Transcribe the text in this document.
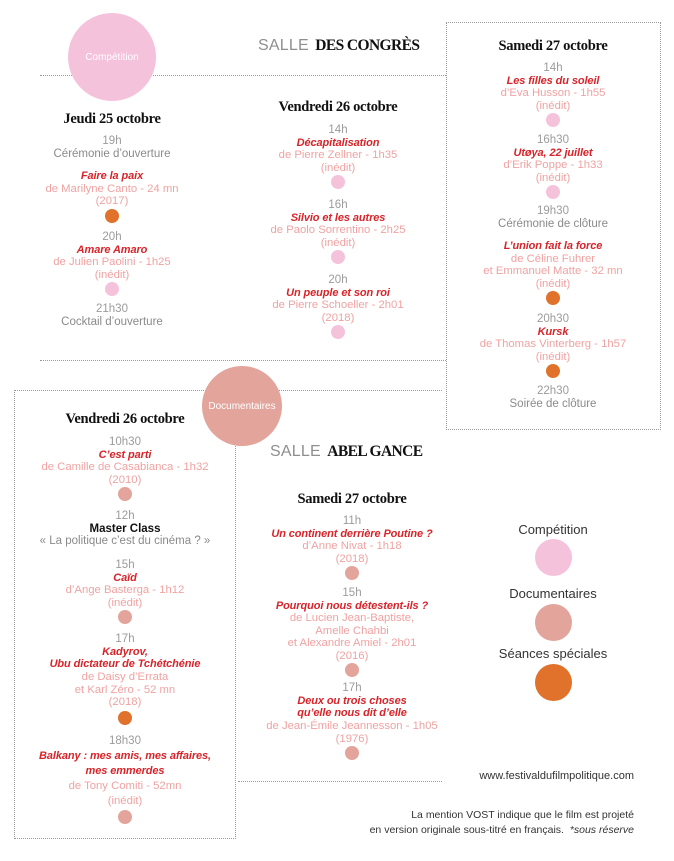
Compétition
Documentaires
SALLE DES CONGRÈS
SALLE ABEL GANCE
Jeudi 25 octobre
19h
Cérémonie d’ouverture
Faire la paix
de Marilyne Canto - 24 mn
(2017)
20h
Amare Amaro
de Julien Paolini - 1h25
(inédit)
21h30
Cocktail d’ouverture
Vendredi 26 octobre
14h
Décapitalisation
de Pierre Zellner - 1h35
(inédit)
16h
Silvio et les autres
de Paolo Sorrentino - 2h25
(inédit)
20h
Un peuple et son roi
de Pierre Schoeller - 2h01
(2018)
Samedi 27 octobre
14h
Les filles du soleil
d’Eva Husson - 1h55
(inédit)
16h30
Utøya, 22 juillet
d’Erik Poppe - 1h33
(inédit)
19h30
Cérémonie de clôture
L’union fait la force
de Céline Fuhrer
et Emmanuel Matte - 32 mn
(inédit)
20h30
Kursk
de Thomas Vinterberg - 1h57
(inédit)
22h30
Soirée de clôture
Vendredi 26 octobre
10h30
C’est parti
de Camille de Casabianca - 1h32
(2010)
12h
Master Class
« La politique c’est du cinéma ? »
15h
Caïd
d’Ange Basterga - 1h12
(inédit)
17h
Kadyrov,
Ubu dictateur de Tchétchénie
de Daisy d’Errata
et Karl Zéro - 52 mn
(2018)
18h30
Balkany : mes amis, mes affaires,
mes emmerdes
de Tony Comiti - 52mn
(inédit)
Samedi 27 octobre
11h
Un continent derrière Poutine ?
d’Anne Nivat - 1h18
(2018)
15h
Pourquoi nous détestent-ils ?
de Lucien Jean-Baptiste,
Amelle Chahbi
et Alexandre Amiel - 2h01
(2016)
17h
Deux ou trois choses
qu’elle nous dit d’elle
de Jean-Émile Jeannesson - 1h05
(1976)
Compétition
Documentaires
Séances spéciales
www.festivaldufilmpolitique.com
La mention VOST indique que le film est projeté
en version originale sous-titré en français. *sous réserve
